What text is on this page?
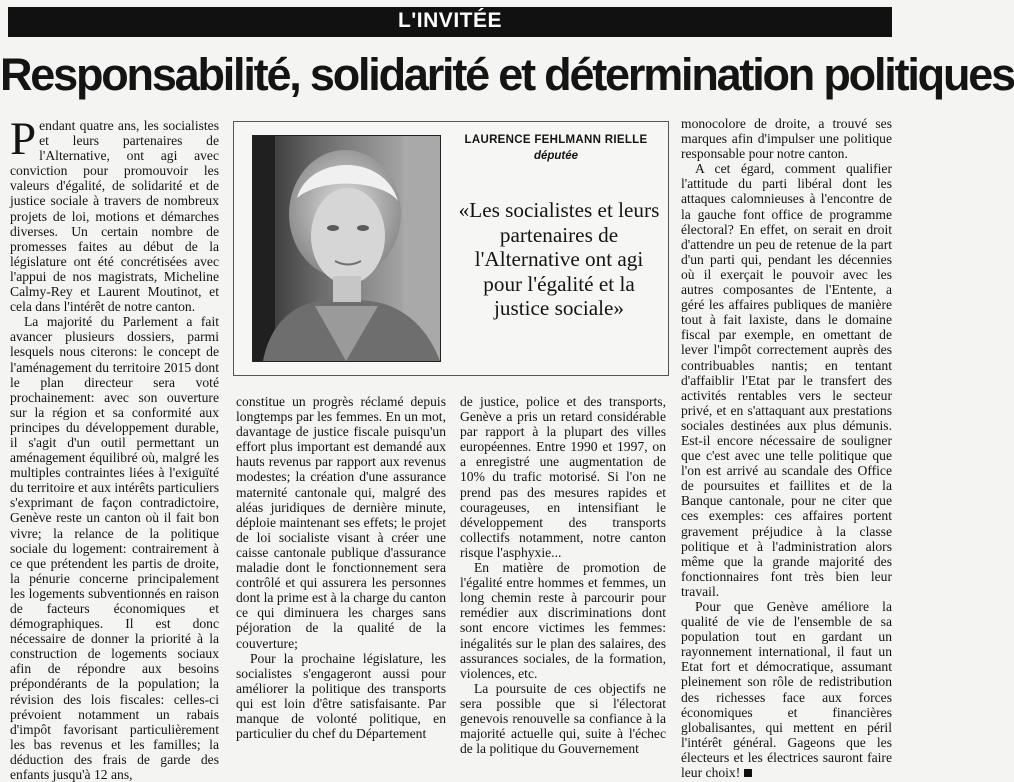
L'INVITÉE
Responsabilité, solidarité et détermination politiques

Pendant quatre ans, les socialistes et leurs partenaires de l'Alternative, ont agi avec conviction pour promouvoir les valeurs d'égalité, de solidarité et de justice sociale à travers de nombreux projets de loi, motions et démarches diverses. Un certain nombre de promesses faites au début de la législature ont été concrétisées avec l'appui de nos magistrats, Micheline Calmy-Rey et Laurent Moutinot, et cela dans l'intérêt de notre canton.

La majorité du Parlement a fait avancer plusieurs dossiers, parmi lesquels nous citerons: le concept de l'aménagement du territoire 2015 dont le plan directeur sera voté prochainement: avec son ouverture sur la région et sa conformité aux principes du développement durable, il s'agit d'un outil permettant un aménagement équilibré où, malgré les multiples contraintes liées à l'exiguïté du territoire et aux intérêts particuliers s'exprimant de façon contradictoire, Genève reste un canton où il fait bon vivre; la relance de la politique sociale du logement: contrairement à ce que prétendent les partis de droite, la pénurie concerne principalement les logements subventionnés en raison de facteurs économiques et démographiques. Il est donc nécessaire de donner la priorité à la construction de logements sociaux afin de répondre aux besoins prépondérants de la population; la révision des lois fiscales: celles-ci prévoient notamment un rabais d'impôt favorisant particulièrement les bas revenus et les familles; la déduction des frais de garde des enfants jusqu'à 12 ans,

LAURENCE FEHLMANN RIELLE
députée
«Les socialistes et leurs partenaires de l'Alternative ont agi pour l'égalité et la justice sociale»

constitue un progrès réclamé depuis longtemps par les femmes. En un mot, davantage de justice fiscale puisqu'un effort plus important est demandé aux hauts revenus par rapport aux revenus modestes; la création d'une assurance maternité cantonale qui, malgré des aléas juridiques de dernière minute, déploie maintenant ses effets; le projet de loi socialiste visant à créer une caisse cantonale publique d'assurance maladie dont le fonctionnement sera contrôlé et qui assurera les personnes dont la prime est à la charge du canton ce qui diminuera les charges sans péjoration de la qualité de la couverture;

Pour la prochaine législature, les socialistes s'engageront aussi pour améliorer la politique des transports qui est loin d'être satisfaisante. Par manque de volonté politique, en particulier du chef du Département

de justice, police et des transports, Genève a pris un retard considérable par rapport à la plupart des villes européennes. Entre 1990 et 1997, on a enregistré une augmentation de 10% du trafic motorisé. Si l'on ne prend pas des mesures rapides et courageuses, en intensifiant le développement des transports collectifs notamment, notre canton risque l'asphyxie...

En matière de promotion de l'égalité entre hommes et femmes, un long chemin reste à parcourir pour remédier aux discriminations dont sont encore victimes les femmes: inégalités sur le plan des salaires, des assurances sociales, de la formation, violences, etc.

La poursuite de ces objectifs ne sera possible que si l'électorat genevois renouvelle sa confiance à la majorité actuelle qui, suite à l'échec de la politique du Gouvernement

monocolore de droite, a trouvé ses marques afin d'impulser une politique responsable pour notre canton.

A cet égard, comment qualifier l'attitude du parti libéral dont les attaques calomnieuses à l'encontre de la gauche font office de programme électoral? En effet, on serait en droit d'attendre un peu de retenue de la part d'un parti qui, pendant les décennies où il exerçait le pouvoir avec les autres composantes de l'Entente, a géré les affaires publiques de manière tout à fait laxiste, dans le domaine fiscal par exemple, en omettant de lever l'impôt correctement auprès des contribuables nantis; en tentant d'affaiblir l'Etat par le transfert des activités rentables vers le secteur privé, et en s'attaquant aux prestations sociales destinées aux plus démunis. Est-il encore nécessaire de souligner que c'est avec une telle politique que l'on est arrivé au scandale des Office de poursuites et faillites et de la Banque cantonale, pour ne citer que ces exemples: ces affaires portent gravement préjudice à la classe politique et à l'administration alors même que la grande majorité des fonctionnaires font très bien leur travail.

Pour que Genève améliore la qualité de vie de l'ensemble de sa population tout en gardant un rayonnement international, il faut un Etat fort et démocratique, assumant pleinement son rôle de redistribution des richesses face aux forces économiques et financières globalisantes, qui mettent en péril l'intérêt général. Gageons que les électeurs et les électrices sauront faire leur choix!
